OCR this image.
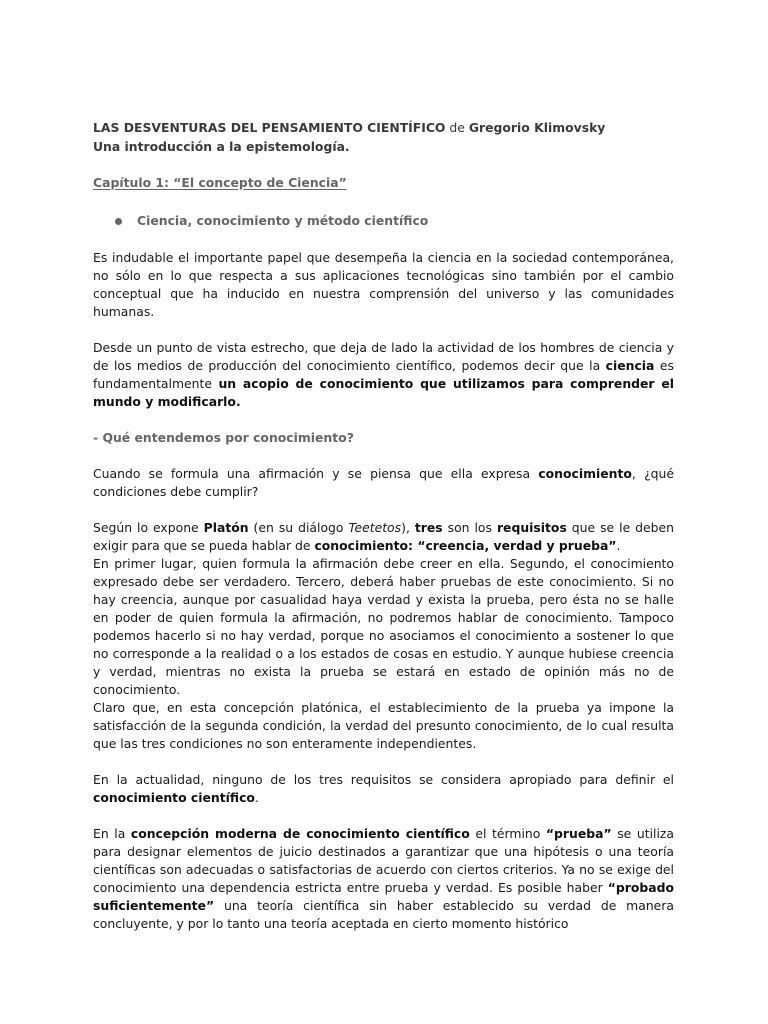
LAS DESVENTURAS DEL PENSAMIENTO CIENTÍFICO de Gregorio Klimovsky

Una introducción a la epistemología.

Capítulo 1: “El concepto de Ciencia”

Ciencia, conocimiento y método científico

Es indudable el importante papel que desempeña la ciencia en la sociedad contemporánea, no sólo en lo que respecta a sus aplicaciones tecnológicas sino también por el cambio conceptual que ha inducido en nuestra comprensión del universo y las comunidades humanas.

Desde un punto de vista estrecho, que deja de lado la actividad de los hombres de ciencia y de los medios de producción del conocimiento científico, podemos decir que la ciencia es fundamentalmente un acopio de conocimiento que utilizamos para comprender el mundo y modificarlo.

- Qué entendemos por conocimiento?

Cuando se formula una afirmación y se piensa que ella expresa conocimiento, ¿qué condiciones debe cumplir?

Según lo expone Platón (en su diálogo Teetetos), tres son los requisitos que se le deben exigir para que se pueda hablar de conocimiento: “creencia, verdad y prueba”.

En primer lugar, quien formula la afirmación debe creer en ella. Segundo, el conocimiento expresado debe ser verdadero. Tercero, deberá haber pruebas de este conocimiento. Si no hay creencia, aunque por casualidad haya verdad y exista la prueba, pero ésta no se halle en poder de quien formula la afirmación, no podremos hablar de conocimiento. Tampoco podemos hacerlo si no hay verdad, porque no asociamos el conocimiento a sostener lo que no corresponde a la realidad o a los estados de cosas en estudio. Y aunque hubiese creencia y verdad, mientras no exista la prueba se estará en estado de opinión más no de conocimiento.

Claro que, en esta concepción platónica, el establecimiento de la prueba ya impone la satisfacción de la segunda condición, la verdad del presunto conocimiento, de lo cual resulta que las tres condiciones no son enteramente independientes.

En la actualidad, ninguno de los tres requisitos se considera apropiado para definir el conocimiento científico.

En la concepción moderna de conocimiento científico el término “prueba” se utiliza para designar elementos de juicio destinados a garantizar que una hipótesis o una teoría científicas son adecuadas o satisfactorias de acuerdo con ciertos criterios. Ya no se exige del conocimiento una dependencia estricta entre prueba y verdad. Es posible haber “probado suficientemente” una teoría científica sin haber establecido su verdad de manera concluyente, y por lo tanto una teoría aceptada en cierto momento histórico
